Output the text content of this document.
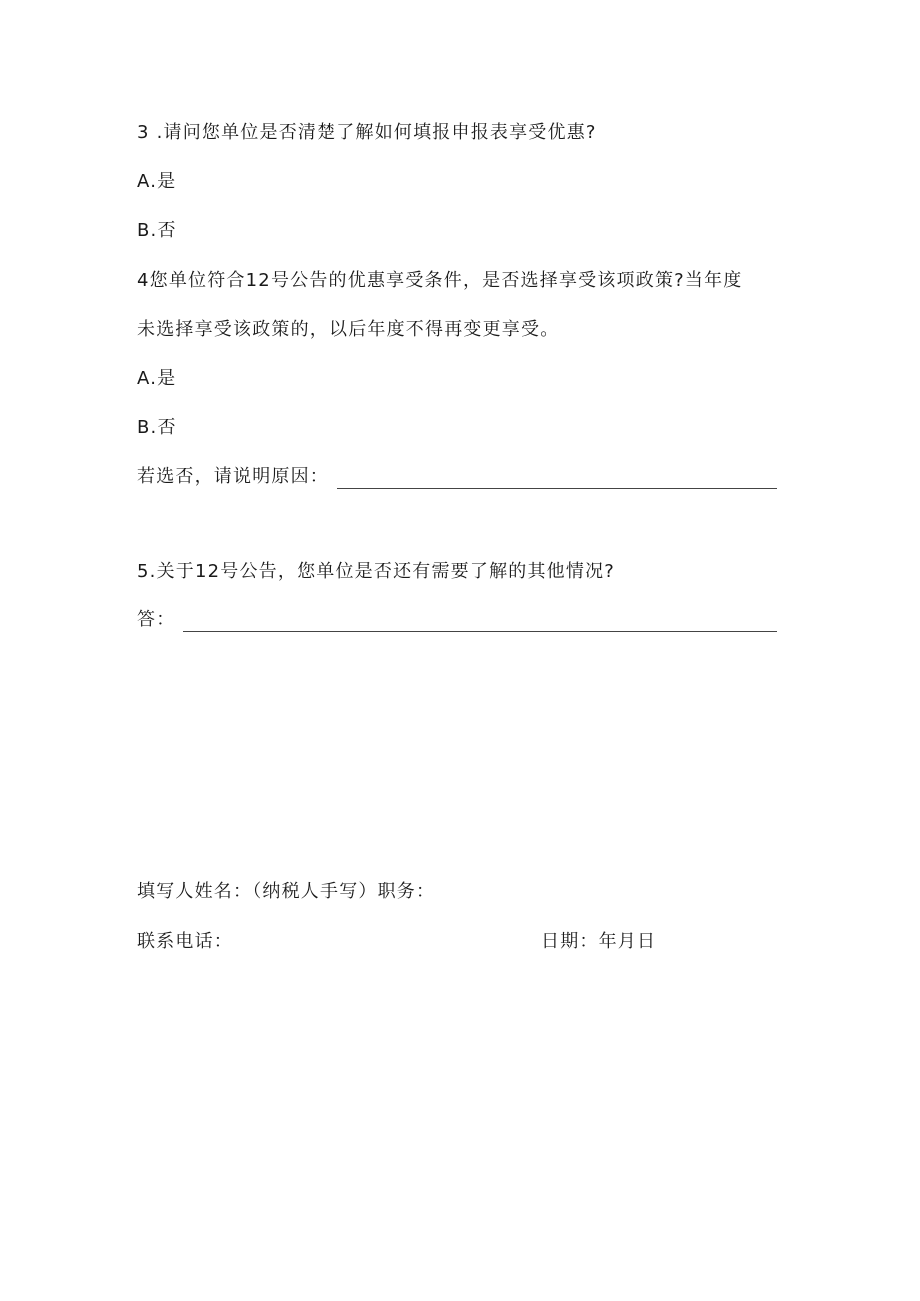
3 .请问您单位是否清楚了解如何填报申报表享受优惠?
A.是
B.否
4您单位符合12号公告的优惠享受条件，是否选择享受该项政策?当年度
未选择享受该政策的，以后年度不得再变更享受。
A.是
B.否
若选否，请说明原因：
5.关于12号公告，您单位是否还有需要了解的其他情况?
答：
填写人姓名：（纳税人手写）职务：
联系电话：	日期：年月日
